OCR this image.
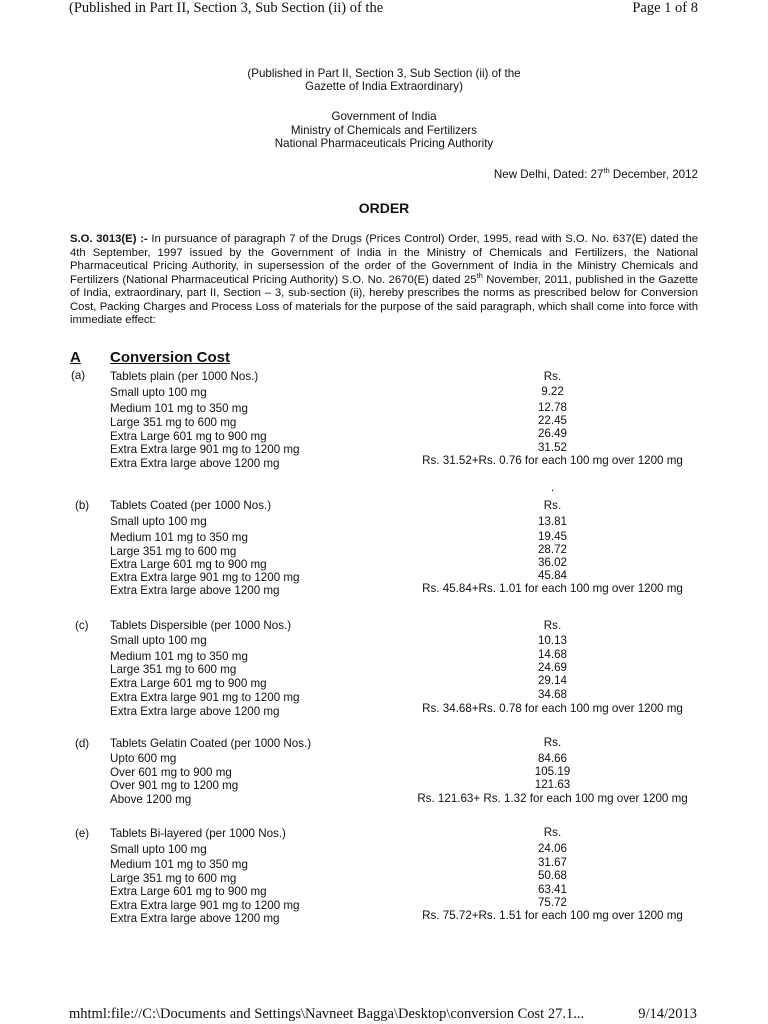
(Published in Part II, Section 3, Sub Section (ii) of the	Page 1 of 8
(Published in Part II, Section 3, Sub Section (ii) of the
Gazette of India Extraordinary)
Government of India
Ministry of Chemicals and Fertilizers
National Pharmaceuticals Pricing Authority
New Delhi, Dated: 27th December, 2012
ORDER
S.O. 3013(E) :- In pursuance of paragraph 7 of the Drugs (Prices Control) Order, 1995, read with S.O. No. 637(E) dated the 4th September, 1997 issued by the Government of India in the Ministry of Chemicals and Fertilizers, the National Pharmaceutical Pricing Authority, in supersession of the order of the Government of India in the Ministry Chemicals and Fertilizers (National Pharmaceutical Pricing Authority) S.O. No. 2670(E) dated 25th November, 2011, published in the Gazette of India, extraordinary, part II, Section – 3, sub-section (ii), hereby prescribes the norms as prescribed below for Conversion Cost, Packing Charges and Process Loss of materials for the purpose of the said paragraph, which shall come into force with immediate effect:
A Conversion Cost
(a) Tablets plain (per 1000 Nos.)	Rs.
Small upto 100 mg	9.22
Medium 101 mg to 350 mg	12.78
Large 351 mg to 600 mg	22.45
Extra Large 601 mg to 900 mg	26.49
Extra Extra large 901 mg to 1200 mg	31.52
Extra Extra large above 1200 mg	Rs. 31.52+Rs. 0.76 for each 100 mg over 1200 mg
.
(b) Tablets Coated (per 1000 Nos.)	Rs.
Small upto 100 mg	13.81
Medium 101 mg to 350 mg	19.45
Large 351 mg to 600 mg	28.72
Extra Large 601 mg to 900 mg	36.02
Extra Extra large 901 mg to 1200 mg	45.84
Extra Extra large above 1200 mg	Rs. 45.84+Rs. 1.01 for each 100 mg over 1200 mg
(c) Tablets Dispersible (per 1000 Nos.)	Rs.
Small upto 100 mg	10.13
Medium 101 mg to 350 mg	14.68
Large 351 mg to 600 mg	24.69
Extra Large 601 mg to 900 mg	29.14
Extra Extra large 901 mg to 1200 mg	34.68
Extra Extra large above 1200 mg	Rs. 34.68+Rs. 0.78 for each 100 mg over 1200 mg
(d) Tablets Gelatin Coated (per 1000 Nos.)	Rs.
Upto 600 mg	84.66
Over 601 mg to 900 mg	105.19
Over 901 mg to 1200 mg	121.63
Above 1200 mg	Rs. 121.63+ Rs. 1.32 for each 100 mg over 1200 mg
(e) Tablets Bi-layered (per 1000 Nos.)	Rs.
Small upto 100 mg	24.06
Medium 101 mg to 350 mg	31.67
Large 351 mg to 600 mg	50.68
Extra Large 601 mg to 900 mg	63.41
Extra Extra large 901 mg to 1200 mg	75.72
Extra Extra large above 1200 mg	Rs. 75.72+Rs. 1.51 for each 100 mg over 1200 mg
mhtml:file://C:\Documents and Settings\Navneet Bagga\Desktop\conversion Cost 27.1...	9/14/2013
